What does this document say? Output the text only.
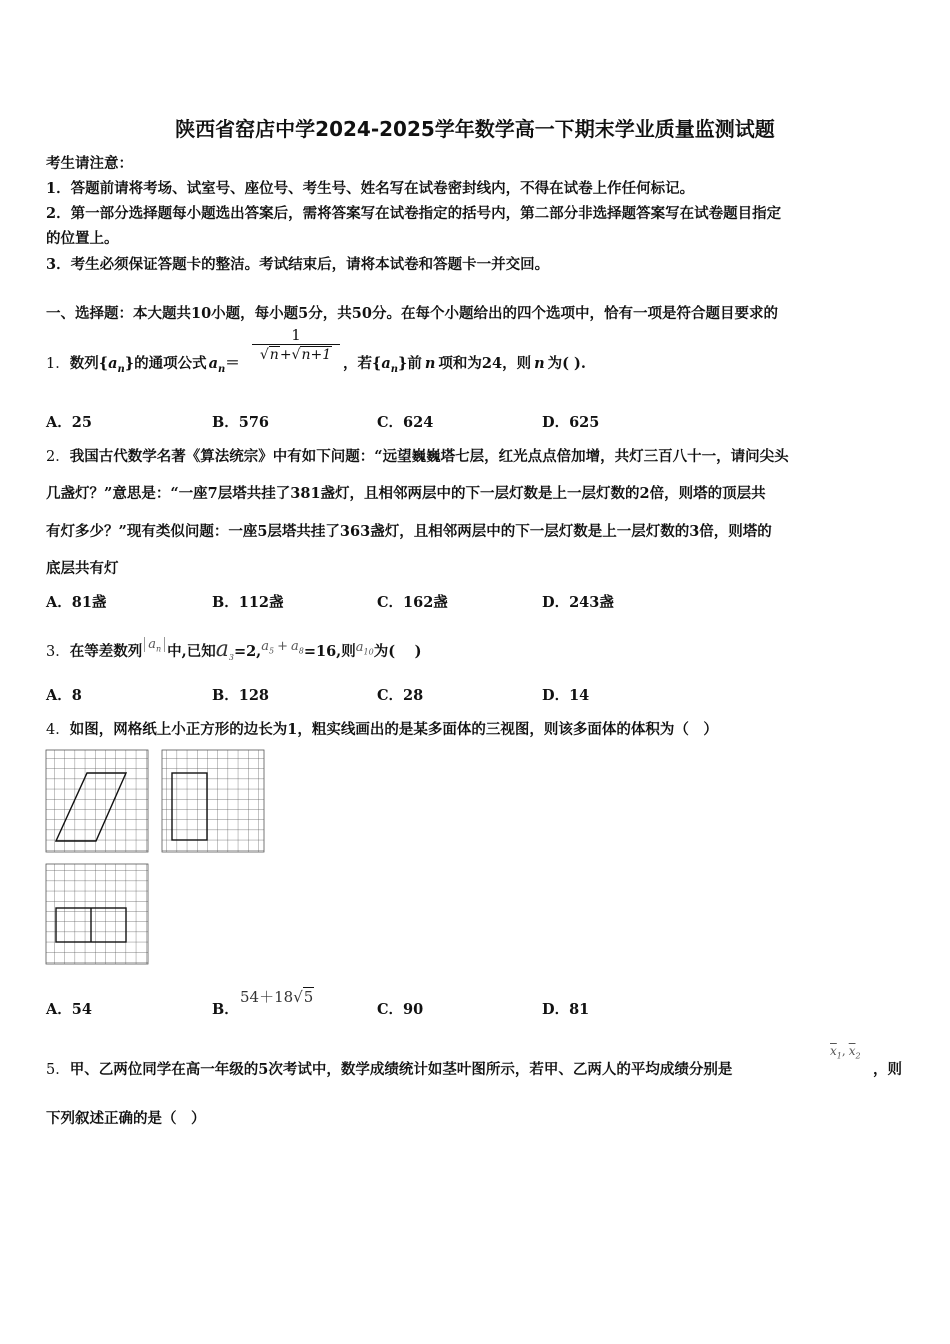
陕西省窑店中学2024-2025学年数学高一下期末学业质量监测试题
考生请注意：
1．答题前请将考场、试室号、座位号、考生号、姓名写在试卷密封线内，不得在试卷上作任何标记。
2．第一部分选择题每小题选出答案后，需将答案写在试卷指定的括号内，第二部分非选择题答案写在试卷题目指定
的位置上。
3．考生必须保证答题卡的整洁。考试结束后，请将本试卷和答题卡一并交回。
一、选择题：本大题共10小题，每小题5分，共50分。在每个小题给出的四个选项中，恰有一项是符合题目要求的
1．数列$\{a_n\}$的通项公式 $a_n= \frac{1}{√n+√n+1}$ ，若$\{a_n\}$前 n 项和为24，则 n 为( ).
A．25	B．576	C．624	D．625
2．我国古代数学名著《算法统宗》中有如下问题：“远望巍巍塔七层，红光点点倍加增，共灯三百八十一，请问尖头
几盏灯？”意思是：“一座7层塔共挂了381盏灯，且相邻两层中的下一层灯数是上一层灯数的2倍，则塔的顶层共
有灯多少？”现有类似问题：一座5层塔共挂了363盏灯，且相邻两层中的下一层灯数是上一层灯数的3倍，则塔的
底层共有灯
A．81盏	B．112盏	C．162盏	D．243盏
3．在等差数列 $a_n$ 中,已知$a_3=2,a_5 + a_8=16$,则$a_{10}$为(　 )
A．8	B．128	C．28	D．14
4．如图，网格纸上小正方形的边长为1，粗实线画出的是某多面体的三视图，则该多面体的体积为（　）
A．54	B．
54＋18√5
C．90	D．81
5．甲、乙两位同学在高一年级的5次考试中，数学成绩统计如茎叶图所示，若甲、乙两人的平均成绩分别是
$\overline{x}_1$, $\overline{x}_2$
，则
下列叙述正确的是（　）
